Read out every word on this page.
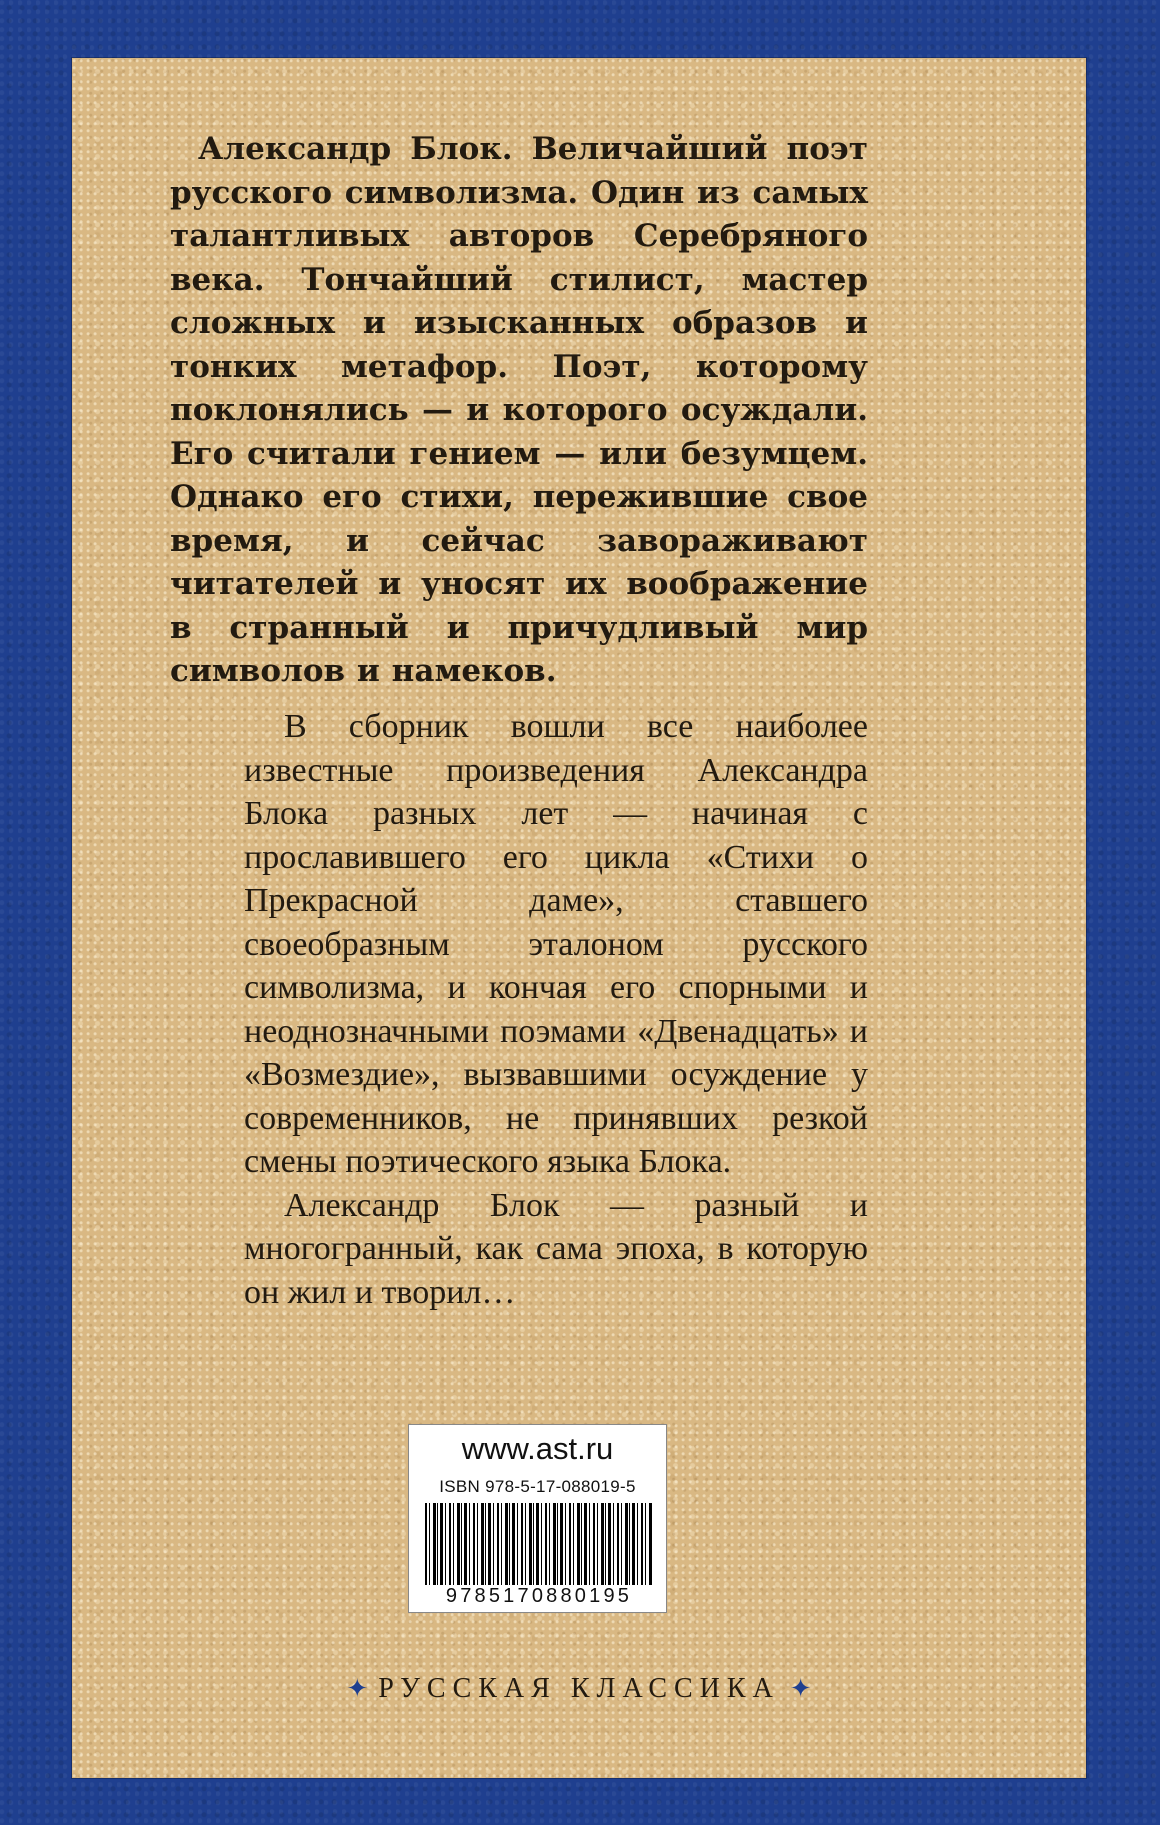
Александр Блок. Величайший поэт русского символизма. Один из самых талантливых авторов Серебряного века. Тончайший стилист, мастер сложных и изысканных образов и тонких метафор. Поэт, которому поклонялись — и которого осуждали. Его считали гением — или безумцем. Однако его стихи, пережившие свое время, и сейчас завораживают читателей и уносят их воображение в странный и причудливый мир символов и намеков.

В сборник вошли все наиболее известные произведения Александра Блока разных лет — начиная с прославившего его цикла «Стихи о Прекрасной даме», ставшего своеобразным эталоном русского символизма, и кончая его спорными и неоднозначными поэмами «Двенадцать» и «Возмездие», вызвавшими осуждение у современников, не принявших резкой смены поэтического языка Блока.

Александр Блок — разный и многогранный, как сама эпоха, в которую он жил и творил…

www.ast.ru
ISBN 978-5-17-088019-5
9785170880195
✦ РУССКАЯ КЛАССИКА ✦
